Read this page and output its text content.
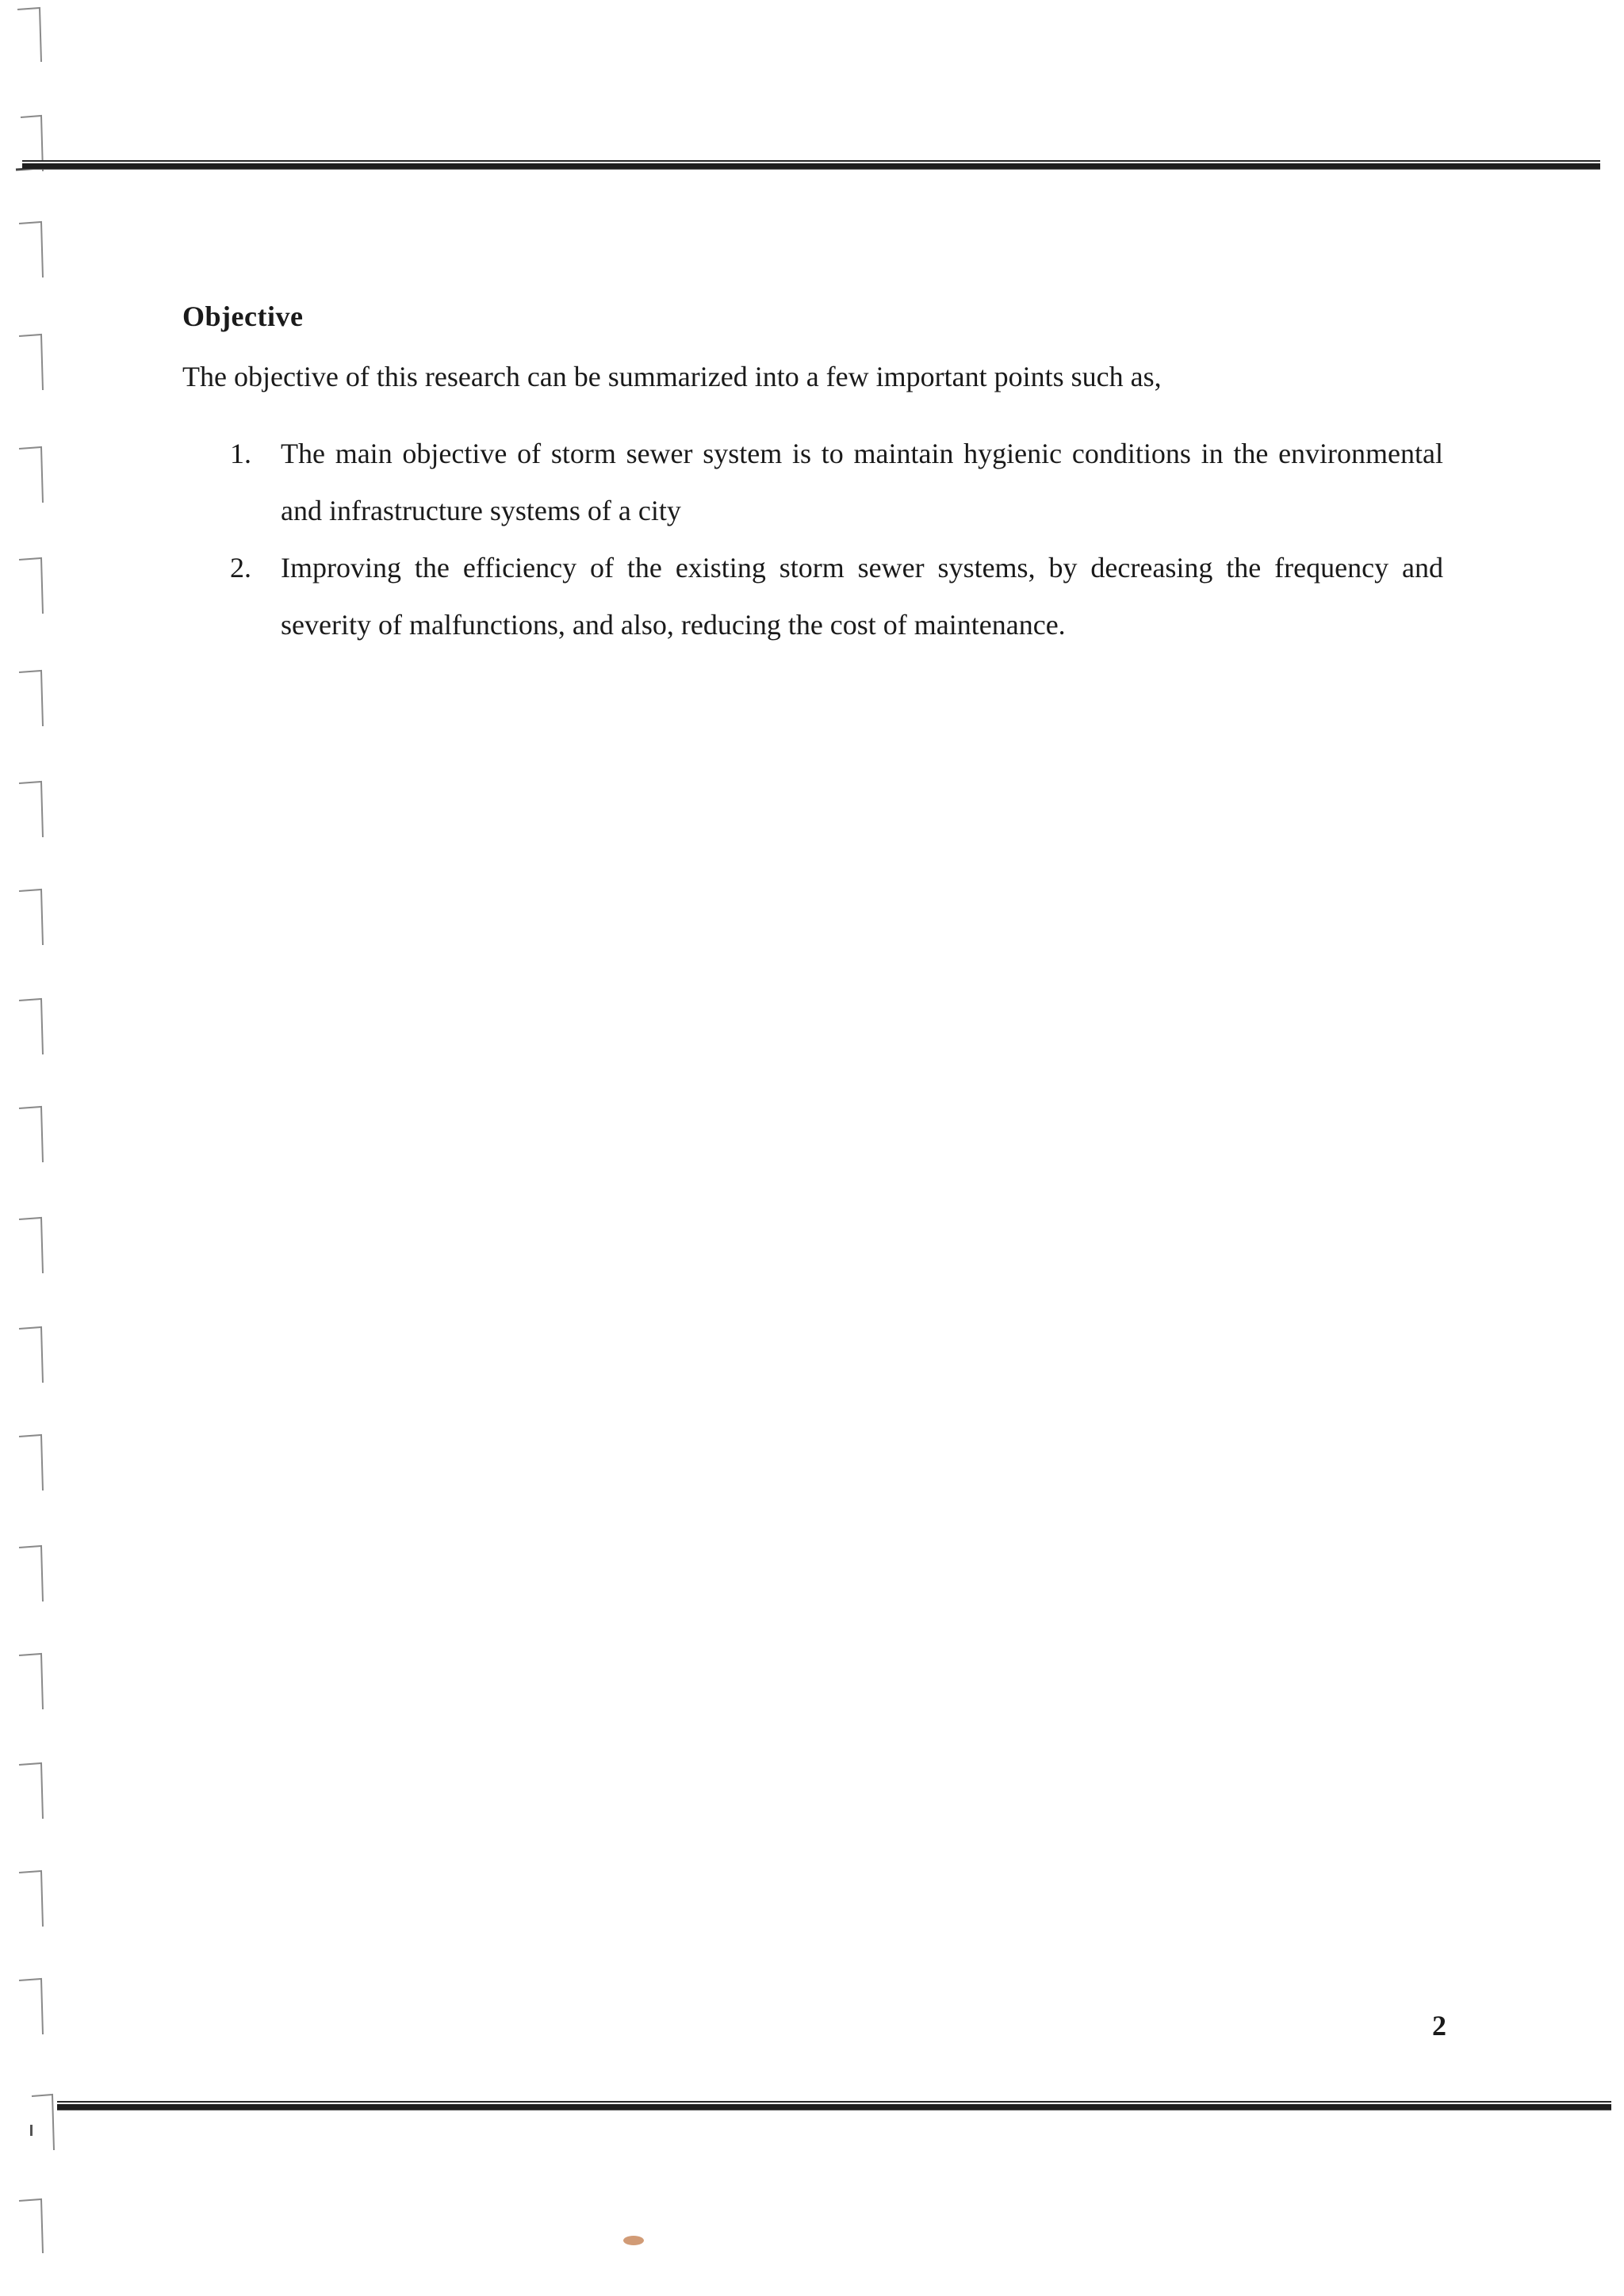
Objective

The objective of this research can be summarized into a few important points such as,

1. The main objective of storm sewer system is to maintain hygienic conditions in the environmental and infrastructure systems of a city
2. Improving the efficiency of the existing storm sewer systems, by decreasing the frequency and severity of malfunctions, and also, reducing the cost of maintenance.
2
